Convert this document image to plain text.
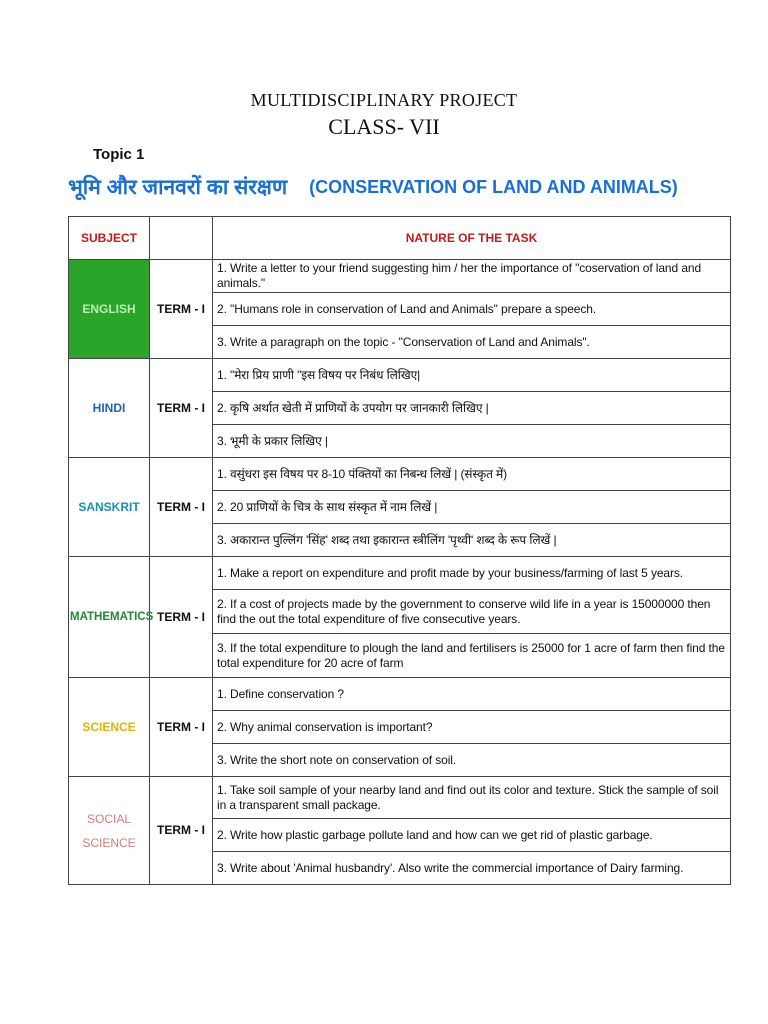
MULTIDISCIPLINARY PROJECT
CLASS- VII
Topic 1
भूमि और जानवरों का संरक्षण (CONSERVATION OF LAND AND ANIMALS)
SUBJECT		NATURE OF THE TASK
ENGLISH	TERM - I	1. Write a letter to your friend suggesting him / her the importance of "coservation of land and animals."
		2. "Humans role in conservation of Land and Animals" prepare a speech.
		3. Write a paragraph on the topic - "Conservation of Land and Animals".
HINDI	TERM - I	1. "मेरा प्रिय प्राणी "इस विषय पर निबंध लिखिए|
		2. कृषि अर्थात खेती में प्राणियों के उपयोग पर जानकारी लिखिए |
		3. भूमी के प्रकार लिखिए |
SANSKRIT	TERM - I	1. वसुंधरा इस विषय पर 8-10 पंक्तियों का निबन्ध लिखें | (संस्कृत में)
		2. 20 प्राणियों के चित्र के साथ संस्कृत में नाम लिखें |
		3. अकारान्त पुल्लिंग 'सिंह' शब्द तथा इकारान्त स्त्रीलिंग 'पृथ्वी' शब्द के रूप लिखें |
MATHEMATICS	TERM - I	1. Make a report on expenditure and profit made by your business/farming of last 5 years.
		2. If a cost of projects made by the government to conserve wild life in a year is 15000000 then find the out the total expenditure of five consecutive years.
		3. If the total expenditure to plough the land and fertilisers is 25000 for 1 acre of farm then find the total expenditure for 20 acre of farm
SCIENCE	TERM - I	1. Define conservation ?
		2. Why animal conservation is important?
		3. Write the short note on conservation of soil.
SOCIAL SCIENCE	TERM - I	1. Take soil sample of your nearby land and find out its color and texture. Stick the sample of soil in a transparent small package.
		2. Write how plastic garbage pollute land and how can we get rid of plastic garbage.
		3. Write about 'Animal husbandry'. Also write the commercial importance of Dairy farming.
